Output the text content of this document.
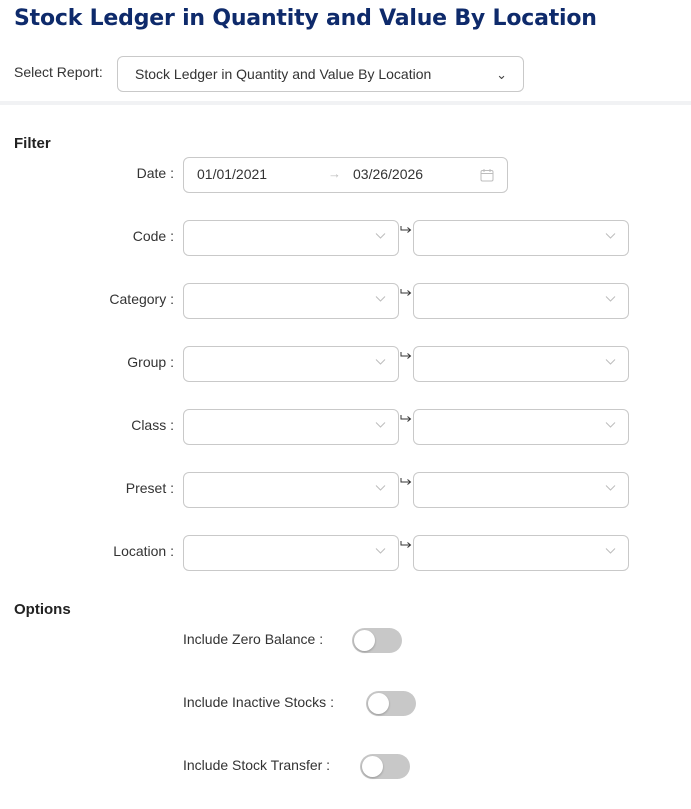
Stock Ledger in Quantity and Value By Location
Select Report:	Stock Ledger in Quantity and Value By Location	⌄
Filter
Date : 01/01/2021	→ 03/26/2026
Code :
Category :
Group :
Class :
Preset :
Location :
Options
Include Zero Balance :
Include Inactive Stocks :
Include Stock Transfer :
